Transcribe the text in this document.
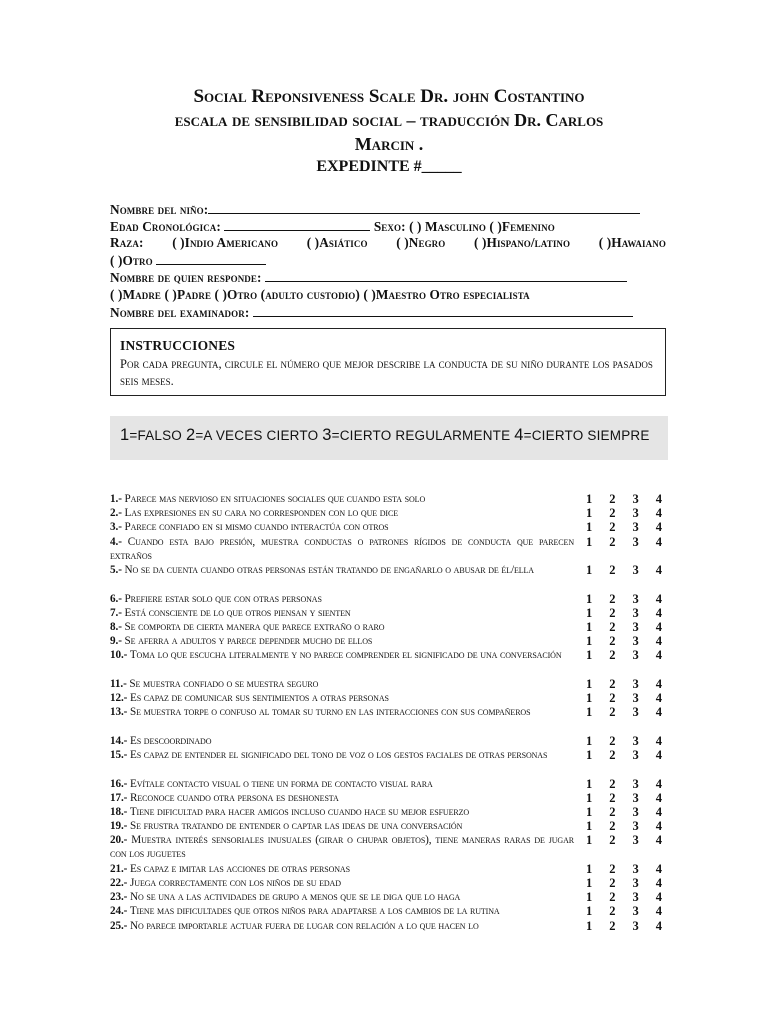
Social Reponsiveness Scale Dr. john Costantino
escala de sensibilidad social – traducción Dr. Carlos
Marcin .
EXPEDINTE #_____
Nombre del niño:
Edad Cronológica:	Sexo: ( ) Masculino ( )Femenino
Raza: ( )Indio Americano ( )Asiático ( )Negro ( )Hispano/latino ( )Hawaiano
( )Otro
Nombre de quien responde:
( )Madre ( )Padre ( )Otro (adulto custodio) ( )Maestro Otro especialista
Nombre del examinador:
INSTRUCCIONES
Por cada pregunta, circule el número que mejor describe la conducta de su niño durante los pasados seis meses.
1=FALSO 2=A VECES CIERTO 3=CIERTO REGULARMENTE 4=CIERTO SIEMPRE
1.- Parece mas nervioso en situaciones sociales que cuando esta solo	1 2 3 4
2.- Las expresiones en su cara no corresponden con lo que dice	1 2 3 4
3.- Parece confiado en si mismo cuando interactúa con otros	1 2 3 4
4.- Cuando esta bajo presión, muestra conductas o patrones rígidos de conducta que parecen extraños
1 2 3 4
5.- No se da cuenta cuando otras personas están tratando de engañarlo o abusar de él/ella	1 2 3 4
6.- Prefiere estar solo que con otras personas	1 2 3 4
7.- Está consciente de lo que otros piensan y sienten	1 2 3 4
8.- Se comporta de cierta manera que parece extraño o raro	1 2 3 4
9.- Se aferra a adultos y parece depender mucho de ellos	1 2 3 4
10.- Toma lo que escucha literalmente y no parece comprender el significado de una conversación 1 2 3 4
11.- Se muestra confiado o se muestra seguro	1 2 3 4
12.- Es capaz de comunicar sus sentimientos a otras personas	1 2 3 4
13.- Se muestra torpe o confuso al tomar su turno en las interacciones con sus compañeros	1 2 3 4
14.- Es descoordinado	1 2 3 4
15.- Es capaz de entender el significado del tono de voz o los gestos faciales de otras personas	1 2 3 4
16.- Evítale contacto visual o tiene un forma de contacto visual rara	1 2 3 4
17.- Reconoce cuando otra persona es deshonesta	1 2 3 4
18.- Tiene dificultad para hacer amigos incluso cuando hace su mejor esfuerzo	1 2 3 4
19.- Se frustra tratando de entender o captar las ideas de una conversación	1 2 3 4
20.- Muestra interés sensoriales inusuales (girar o chupar objetos), tiene maneras raras de jugar con los juguetes
1 2 3 4
21.- Es capaz e imitar las acciones de otras personas	1 2 3 4
22.- Juega correctamente con los niños de su edad	1 2 3 4
23.- No se una a las actividades de grupo a menos que se le diga que lo haga	1 2 3 4
24.- Tiene mas dificultades que otros niños para adaptarse a los cambios de la rutina	1 2 3 4
25.- No parece importarle actuar fuera de lugar con relación a lo que hacen lo	1 2 3 4
